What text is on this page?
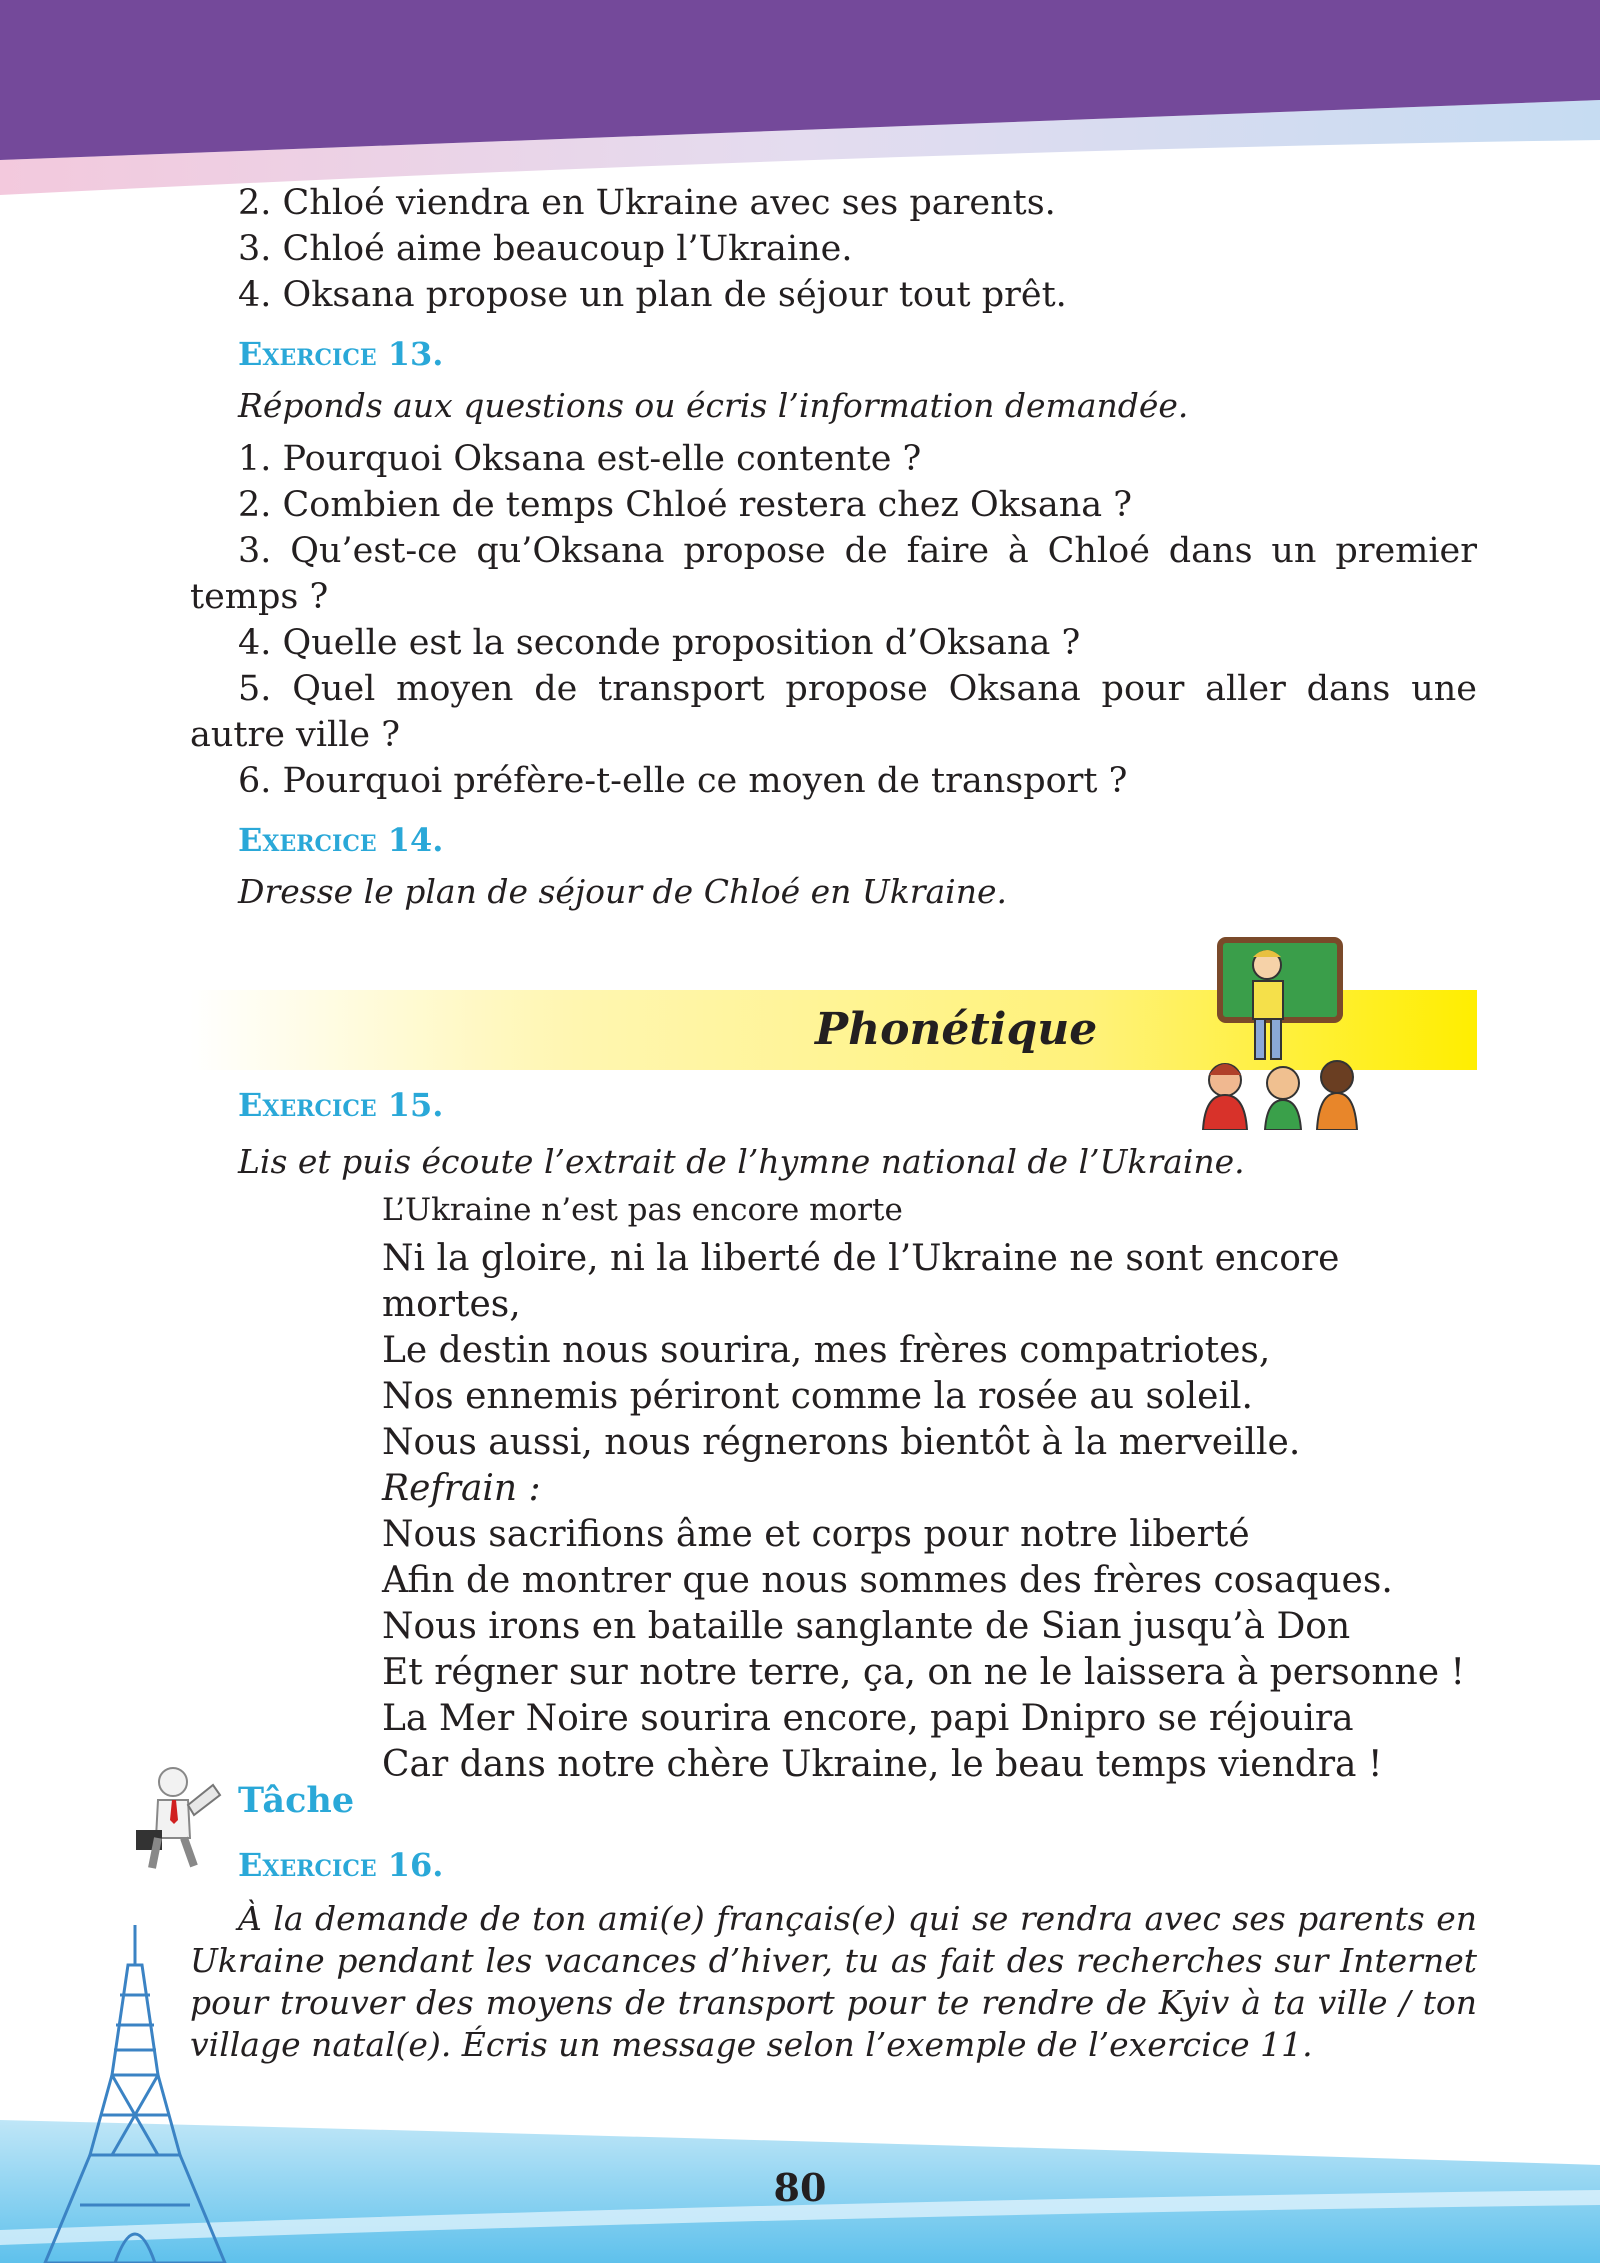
2. Chloé viendra en Ukraine avec ses parents.

3. Chloé aime beaucoup l’Ukraine.

4. Oksana propose un plan de séjour tout prêt.

Exercice 13.

Réponds aux questions ou écris l’information demandée.

1. Pourquoi Oksana est-elle contente ?

2. Combien de temps Chloé restera chez Oksana ?

3. Qu’est-ce qu’Oksana propose de faire à Chloé dans un premier temps ?

4. Quelle est la seconde proposition d’Oksana ?

5. Quel moyen de transport propose Oksana pour aller dans une autre ville ?

6. Pourquoi préfère-t-elle ce moyen de transport ?

Exercice 14.

Dresse le plan de séjour de Chloé en Ukraine.

Phonétique
Exercice 15.

Lis et puis écoute l’extrait de l’hymne national de l’Ukraine.

L’Ukraine n’est pas encore morte

Ni la gloire, ni la liberté de l’Ukraine ne sont encore mortes,

Le destin nous sourira, mes frères compatriotes,

Nos ennemis périront comme la rosée au soleil.

Nous aussi, nous régnerons bientôt à la merveille.

Refrain :

Nous sacrifions âme et corps pour notre liberté

Afin de montrer que nous sommes des frères cosaques.

Nous irons en bataille sanglante de Sian jusqu’à Don

Et régner sur notre terre, ça, on ne le laissera à personne !

La Mer Noire sourira encore, papi Dnipro se réjouira

Car dans notre chère Ukraine, le beau temps viendra !

Tâche
Exercice 16.

À la demande de ton ami(e) français(e) qui se rendra avec ses parents en Ukraine pendant les vacances d’hiver, tu as fait des recherches sur Internet pour trouver des moyens de transport pour te rendre de Kyiv à ta ville / ton village natal(e). Écris un message selon l’exemple de l’exercice 11.

80
